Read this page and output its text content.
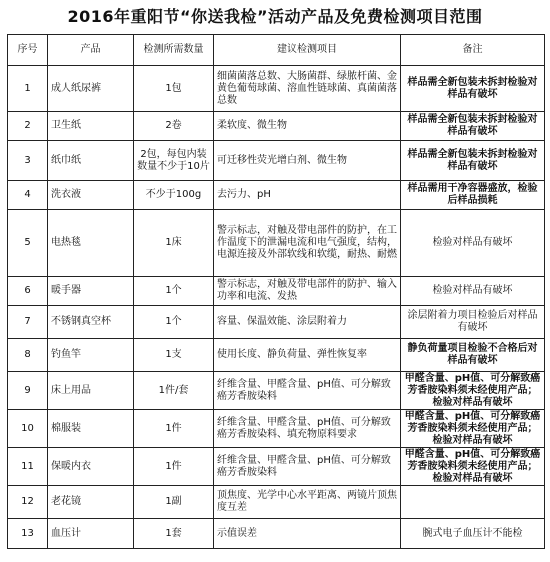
2016年重阳节“你送我检”活动产品及免费检测项目范围
序号	产品	检测所需数量	建议检测项目	备注
1	成人纸尿裤	1包	细菌菌落总数、大肠菌群、绿脓杆菌、金黄色葡萄球菌、溶血性链球菌、真菌菌落总数	样品需全新包装未拆封检验对样品有破坏
2	卫生纸	2卷	柔软度、微生物	样品需全新包装未拆封检验对样品有破坏
3	纸巾纸	2包，每包内装数量不少于10片	可迁移性荧光增白剂、微生物	样品需全新包装未拆封检验对样品有破坏
4	洗衣液	不少于100g	去污力、pH	样品需用干净容器盛放，检验后样品损耗
5	电热毯	1床	警示标志，对触及带电部件的防护，在工作温度下的泄漏电流和电气强度，结构，电源连接及外部软线和软缆，耐热、耐燃	检验对样品有破坏
6	暖手器	1个	警示标志，对触及带电部件的防护、输入功率和电流、发热	检验对样品有破坏
7	不锈钢真空杯	1个	容量、保温效能、涂层附着力	涂层附着力项目检验后对样品有破坏
8	钓鱼竿	1支	使用长度、静负荷量、弹性恢复率	静负荷量项目检验不合格后对样品有破坏
9	床上用品	1件/套	纤维含量、甲醛含量、pH值、可分解致癌芳香胺染料	甲醛含量、pH值、可分解致癌芳香胺染料须未经使用产品；检验对样品有破坏
10	棉服装	1件	纤维含量、甲醛含量、pH值、可分解致癌芳香胺染料、填充物原料要求	甲醛含量、pH值、可分解致癌芳香胺染料须未经使用产品；检验对样品有破坏
11	保暖内衣	1件	纤维含量、甲醛含量、pH值、可分解致癌芳香胺染料	甲醛含量、pH值、可分解致癌芳香胺染料须未经使用产品；检验对样品有破坏
12	老花镜	1副	顶焦度、光学中心水平距离、两镜片顶焦度互差	
13	血压计	1套	示值误差	腕式电子血压计不能检
